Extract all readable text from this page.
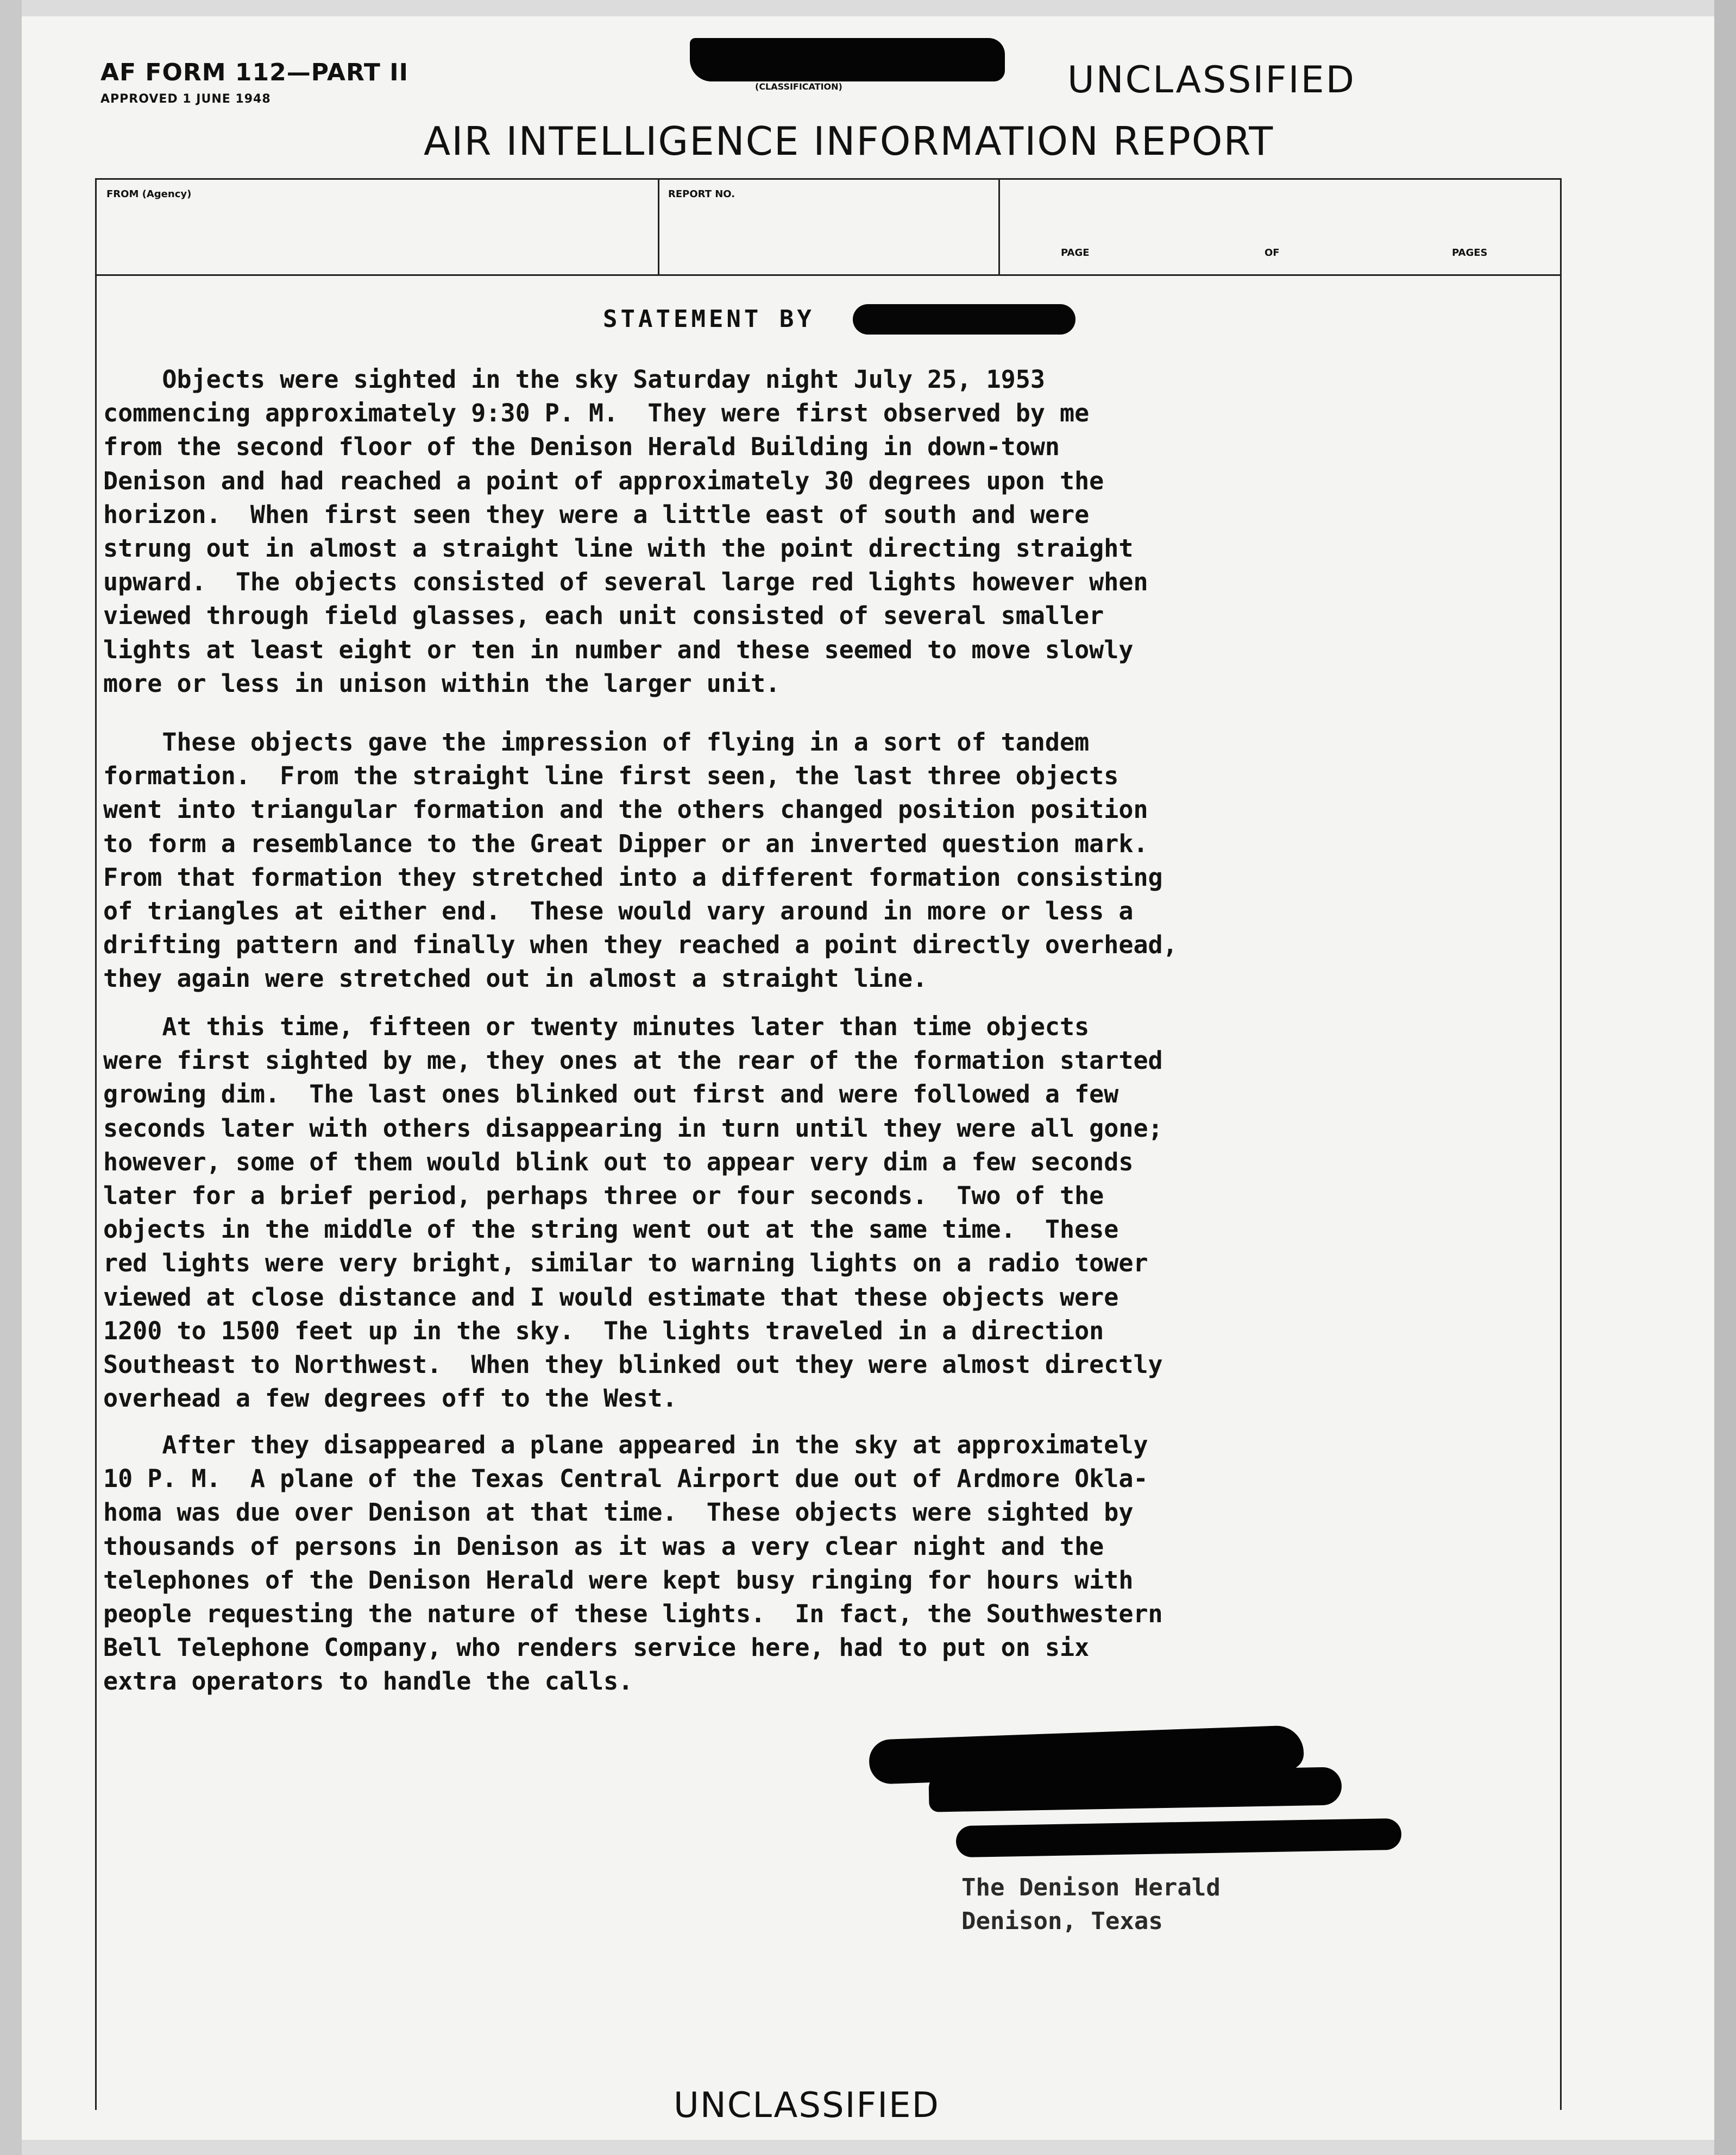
AF FORM 112—PART II
APPROVED 1 JUNE 1948
(CLASSIFICATION)	UNCLASSIFIED
AIR INTELLIGENCE INFORMATION REPORT
FROM (Agency)	REPORT NO.
PAGE	OF	PAGES
STATEMENT BY
Objects were sighted in the sky Saturday night July 25, 1953
commencing approximately 9:30 P. M.  They were first observed by me
from the second floor of the Denison Herald Building in down-town
Denison and had reached a point of approximately 30 degrees upon the
horizon.  When first seen they were a little east of south and were
strung out in almost a straight line with the point directing straight
upward.  The objects consisted of several large red lights however when
viewed through field glasses, each unit consisted of several smaller
lights at least eight or ten in number and these seemed to move slowly
more or less in unison within the larger unit.
These objects gave the impression of flying in a sort of tandem
formation.  From the straight line first seen, the last three objects
went into triangular formation and the others changed position position
to form a resemblance to the Great Dipper or an inverted question mark.
From that formation they stretched into a different formation consisting
of triangles at either end.  These would vary around in more or less a
drifting pattern and finally when they reached a point directly overhead,
they again were stretched out in almost a straight line.
At this time, fifteen or twenty minutes later than time objects
were first sighted by me, they ones at the rear of the formation started
growing dim.  The last ones blinked out first and were followed a few
seconds later with others disappearing in turn until they were all gone;
however, some of them would blink out to appear very dim a few seconds
later for a brief period, perhaps three or four seconds.  Two of the
objects in the middle of the string went out at the same time.  These
red lights were very bright, similar to warning lights on a radio tower
viewed at close distance and I would estimate that these objects were
1200 to 1500 feet up in the sky.  The lights traveled in a direction
Southeast to Northwest.  When they blinked out they were almost directly
overhead a few degrees off to the West.
After they disappeared a plane appeared in the sky at approximately
10 P. M.  A plane of the Texas Central Airport due out of Ardmore Okla-
homa was due over Denison at that time.  These objects were sighted by
thousands of persons in Denison as it was a very clear night and the
telephones of the Denison Herald were kept busy ringing for hours with
people requesting the nature of these lights.  In fact, the Southwestern
Bell Telephone Company, who renders service here, had to put on six
extra operators to handle the calls.
The Denison Herald
Denison, Texas
UNCLASSIFIED
